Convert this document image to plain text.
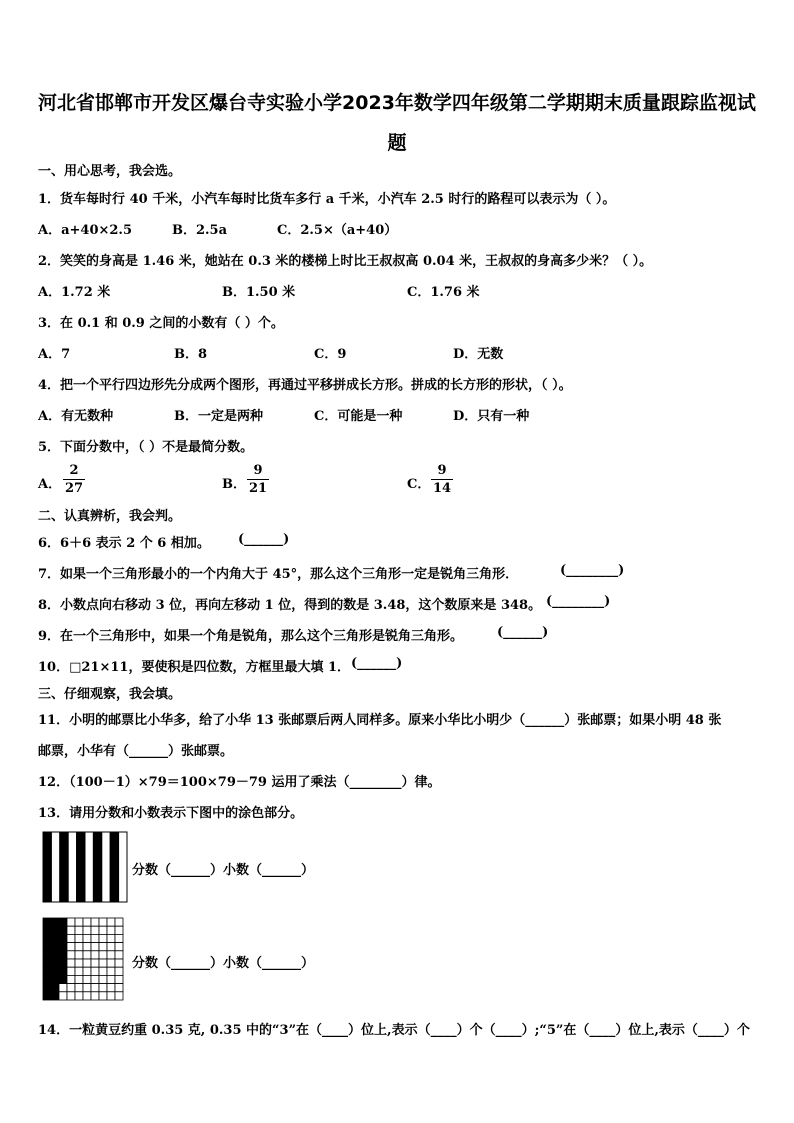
河北省邯郸市开发区爆台寺实验小学2023年数学四年级第二学期期末质量跟踪监视试
题
一、用心思考，我会选。
1．货车每时行 40 千米，小汽车每时比货车多行 a 千米，小汽车 2.5 时行的路程可以表示为（ ）。
A．a+40×2.5	B．2.5a	C．2.5×（a+40）
2．笑笑的身高是 1.46 米，她站在 0.3 米的楼梯上时比王叔叔高 0.04 米，王叔叔的身高多少米？（ ）。
A．1.72 米	B．1.50 米	C．1.76 米
3．在 0.1 和 0.9 之间的小数有（ ）个。
A．7	B．8	C．9	D．无数
4．把一个平行四边形先分成两个图形，再通过平移拼成长方形。拼成的长方形的形状，（ ）。
A．有无数种	B．一定是两种	C．可能是一种	D．只有一种
5．下面分数中，（ ）不是最简分数。
A． $\frac{2}{27}$	B． $\frac{9}{21}$	C． $\frac{9}{14}$
二、认真辨析，我会判。
6．6＋6 表示 2 个 6 相加。 (______)
7．如果一个三角形最小的一个内角大于 45°，那么这个三角形一定是锐角三角形．	(________)
8．小数点向右移动 3 位，再向左移动 1 位，得到的数是 3.48，这个数原来是 348。 (________)
9．在一个三角形中，如果一个角是锐角，那么这个三角形是锐角三角形。	(______)
10．□21×11，要使积是四位数，方框里最大填 1． (______)
三、仔细观察，我会填。
11．小明的邮票比小华多，给了小华 13 张邮票后两人同样多。原来小华比小明少（______）张邮票；如果小明 48 张
邮票，小华有（______）张邮票。
12．（100－1）×79＝100×79－79 运用了乘法（________）律。
13．请用分数和小数表示下图中的涂色部分。
分数（______）小数（______）
分数（______）小数（______）
14．一粒黄豆约重 0.35 克, 0.35 中的“3”在（____）位上,表示（____）个（____）;“5”在（____）位上,表示（____）个
